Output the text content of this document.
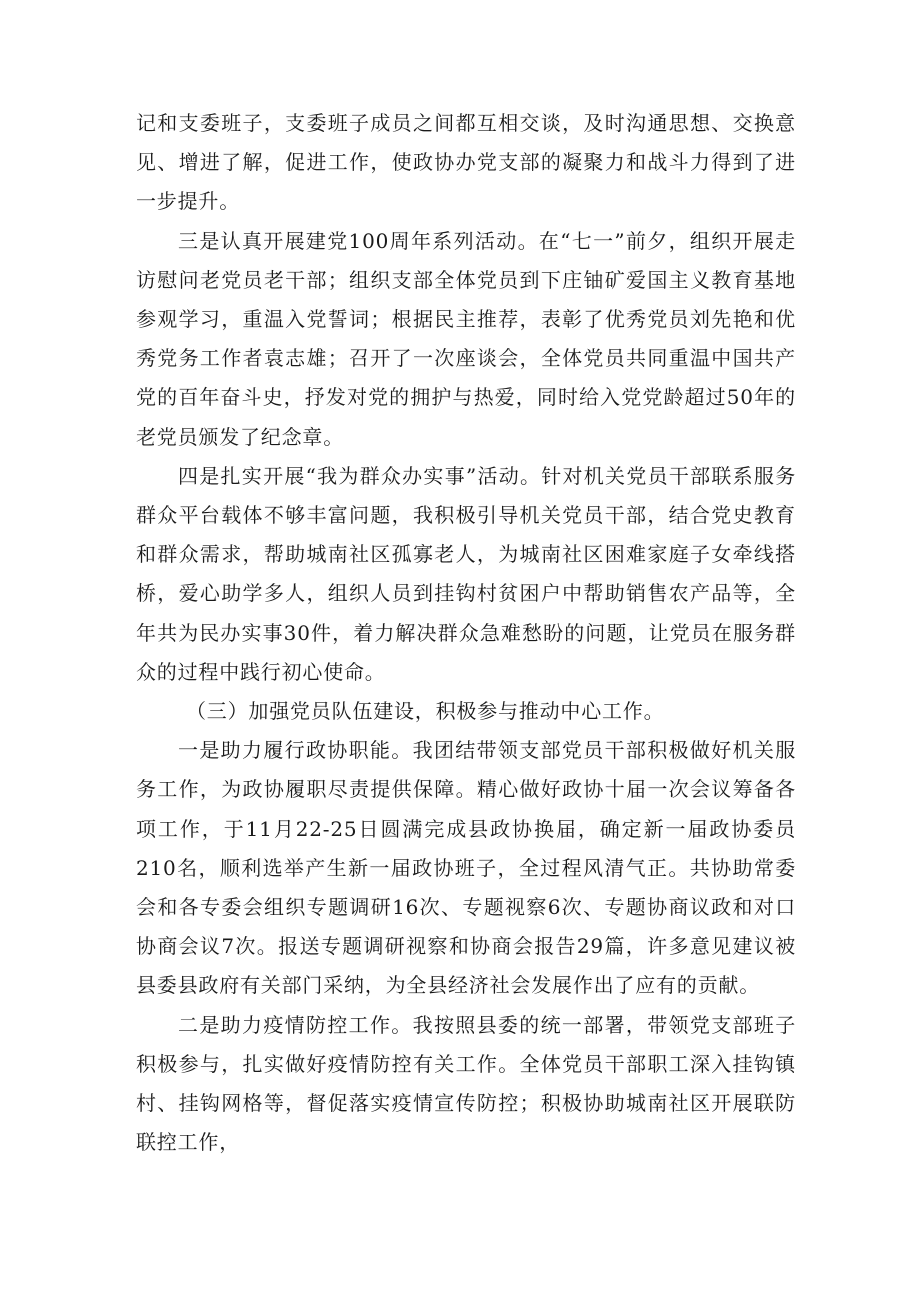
记和支委班子，支委班子成员之间都互相交谈，及时沟通思想、交换意见、增进了解，促进工作，使政协办党支部的凝聚力和战斗力得到了进一步提升。

三是认真开展建党100周年系列活动。在“七一”前夕，组织开展走访慰问老党员老干部；组织支部全体党员到下庄铀矿爱国主义教育基地参观学习，重温入党誓词；根据民主推荐，表彰了优秀党员刘先艳和优秀党务工作者袁志雄；召开了一次座谈会，全体党员共同重温中国共产党的百年奋斗史，抒发对党的拥护与热爱，同时给入党党龄超过50年的老党员颁发了纪念章。

四是扎实开展“我为群众办实事”活动。针对机关党员干部联系服务群众平台载体不够丰富问题，我积极引导机关党员干部，结合党史教育和群众需求，帮助城南社区孤寡老人，为城南社区困难家庭子女牵线搭桥，爱心助学多人，组织人员到挂钩村贫困户中帮助销售农产品等，全年共为民办实事30件，着力解决群众急难愁盼的问题，让党员在服务群众的过程中践行初心使命。

（三）加强党员队伍建设，积极参与推动中心工作。

一是助力履行政协职能。我团结带领支部党员干部积极做好机关服务工作，为政协履职尽责提供保障。精心做好政协十届一次会议筹备各项工作，于11月22-25日圆满完成县政协换届，确定新一届政协委员210名，顺利选举产生新一届政协班子，全过程风清气正。共协助常委会和各专委会组织专题调研16次、专题视察6次、专题协商议政和对口协商会议7次。报送专题调研视察和协商会报告29篇，许多意见建议被县委县政府有关部门采纳，为全县经济社会发展作出了应有的贡献。

二是助力疫情防控工作。我按照县委的统一部署，带领党支部班子积极参与，扎实做好疫情防控有关工作。全体党员干部职工深入挂钩镇村、挂钩网格等，督促落实疫情宣传防控；积极协助城南社区开展联防联控工作，
